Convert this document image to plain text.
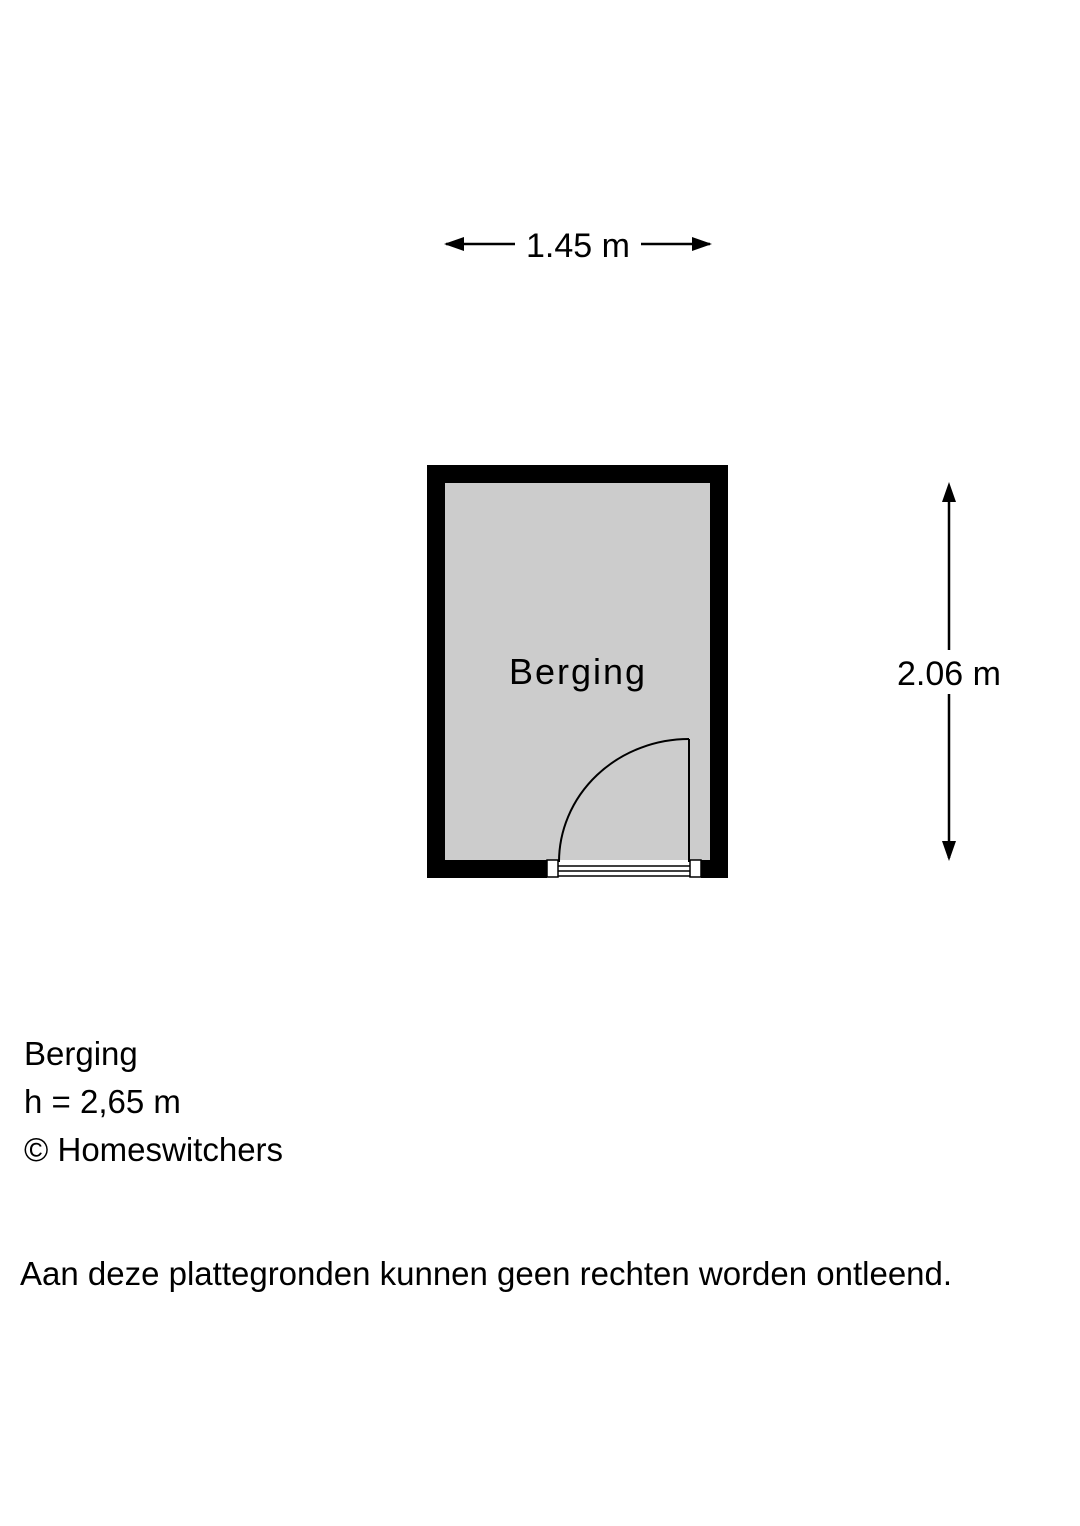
1.45 m
Berging	2.06 m
Berging
h = 2,65 m
© Homeswitchers
Aan deze plattegronden kunnen geen rechten worden ontleend.
